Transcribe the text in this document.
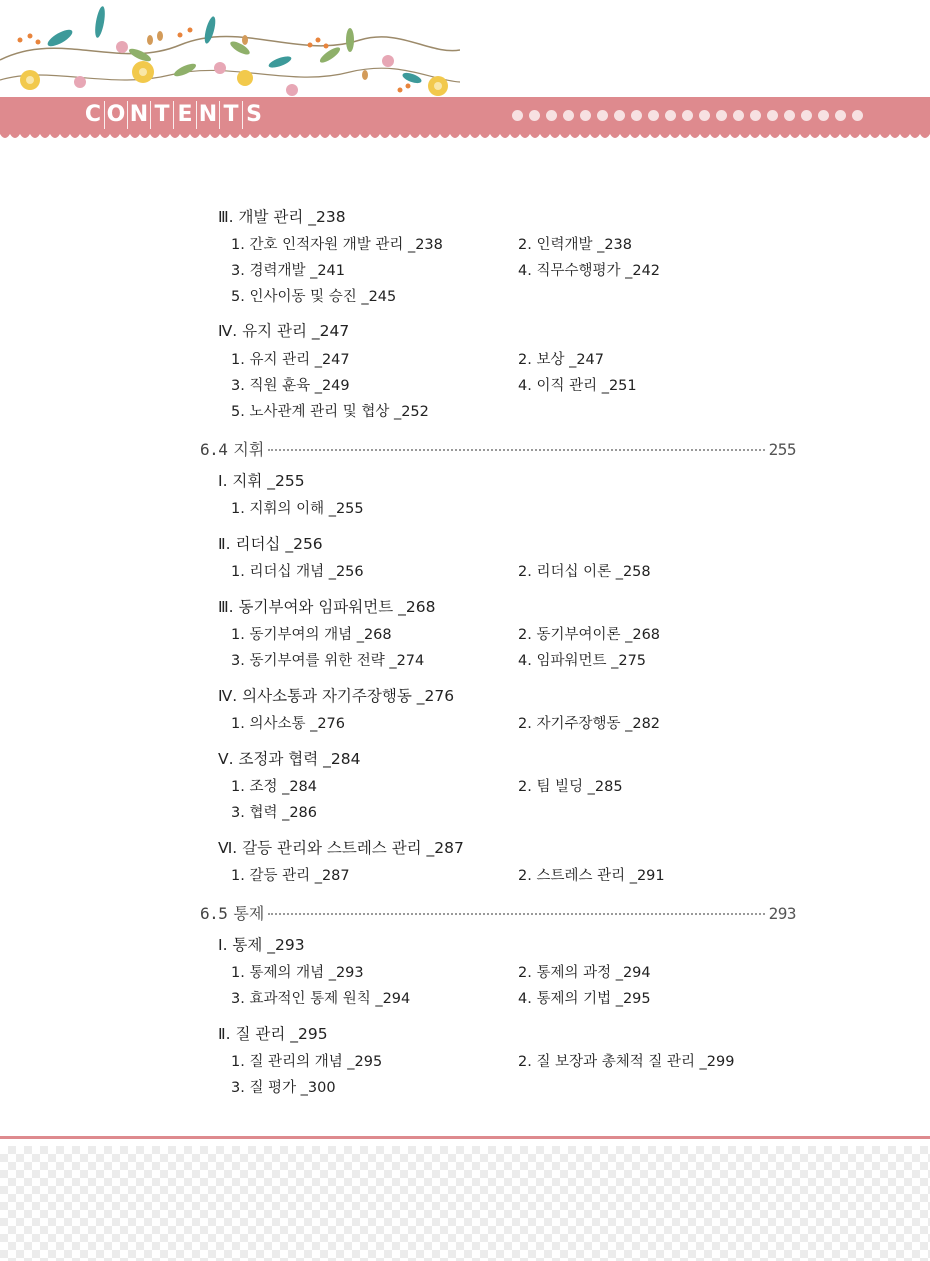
C O N T E N T S
Ⅲ. 개발 관리 _238
1. 간호 인적자원 개발 관리 _238	2. 인력개발 _238
3. 경력개발 _241	4. 직무수행평가 _242
5. 인사이동 및 승진 _245
Ⅳ. 유지 관리 _247
1. 유지 관리 _247	2. 보상 _247
3. 직원 훈육 _249	4. 이직 관리 _251
5. 노사관계 관리 및 협상 _252
6.4 지휘	255
Ⅰ. 지휘 _255
1. 지휘의 이해 _255
Ⅱ. 리더십 _256
1. 리더십 개념 _256	2. 리더십 이론 _258
Ⅲ. 동기부여와 임파워먼트 _268
1. 동기부여의 개념 _268	2. 동기부여이론 _268
3. 동기부여를 위한 전략 _274	4. 임파워먼트 _275
Ⅳ. 의사소통과 자기주장행동 _276
1. 의사소통 _276	2. 자기주장행동 _282
Ⅴ. 조정과 협력 _284
1. 조정 _284	2. 팀 빌딩 _285
3. 협력 _286
Ⅵ. 갈등 관리와 스트레스 관리 _287
1. 갈등 관리 _287	2. 스트레스 관리 _291
6.5 통제	293
Ⅰ. 통제 _293
1. 통제의 개념 _293	2. 통제의 과정 _294
3. 효과적인 통제 원칙 _294	4. 통제의 기법 _295
Ⅱ. 질 관리 _295
1. 질 관리의 개념 _295	2. 질 보장과 총체적 질 관리 _299
3. 질 평가 _300
